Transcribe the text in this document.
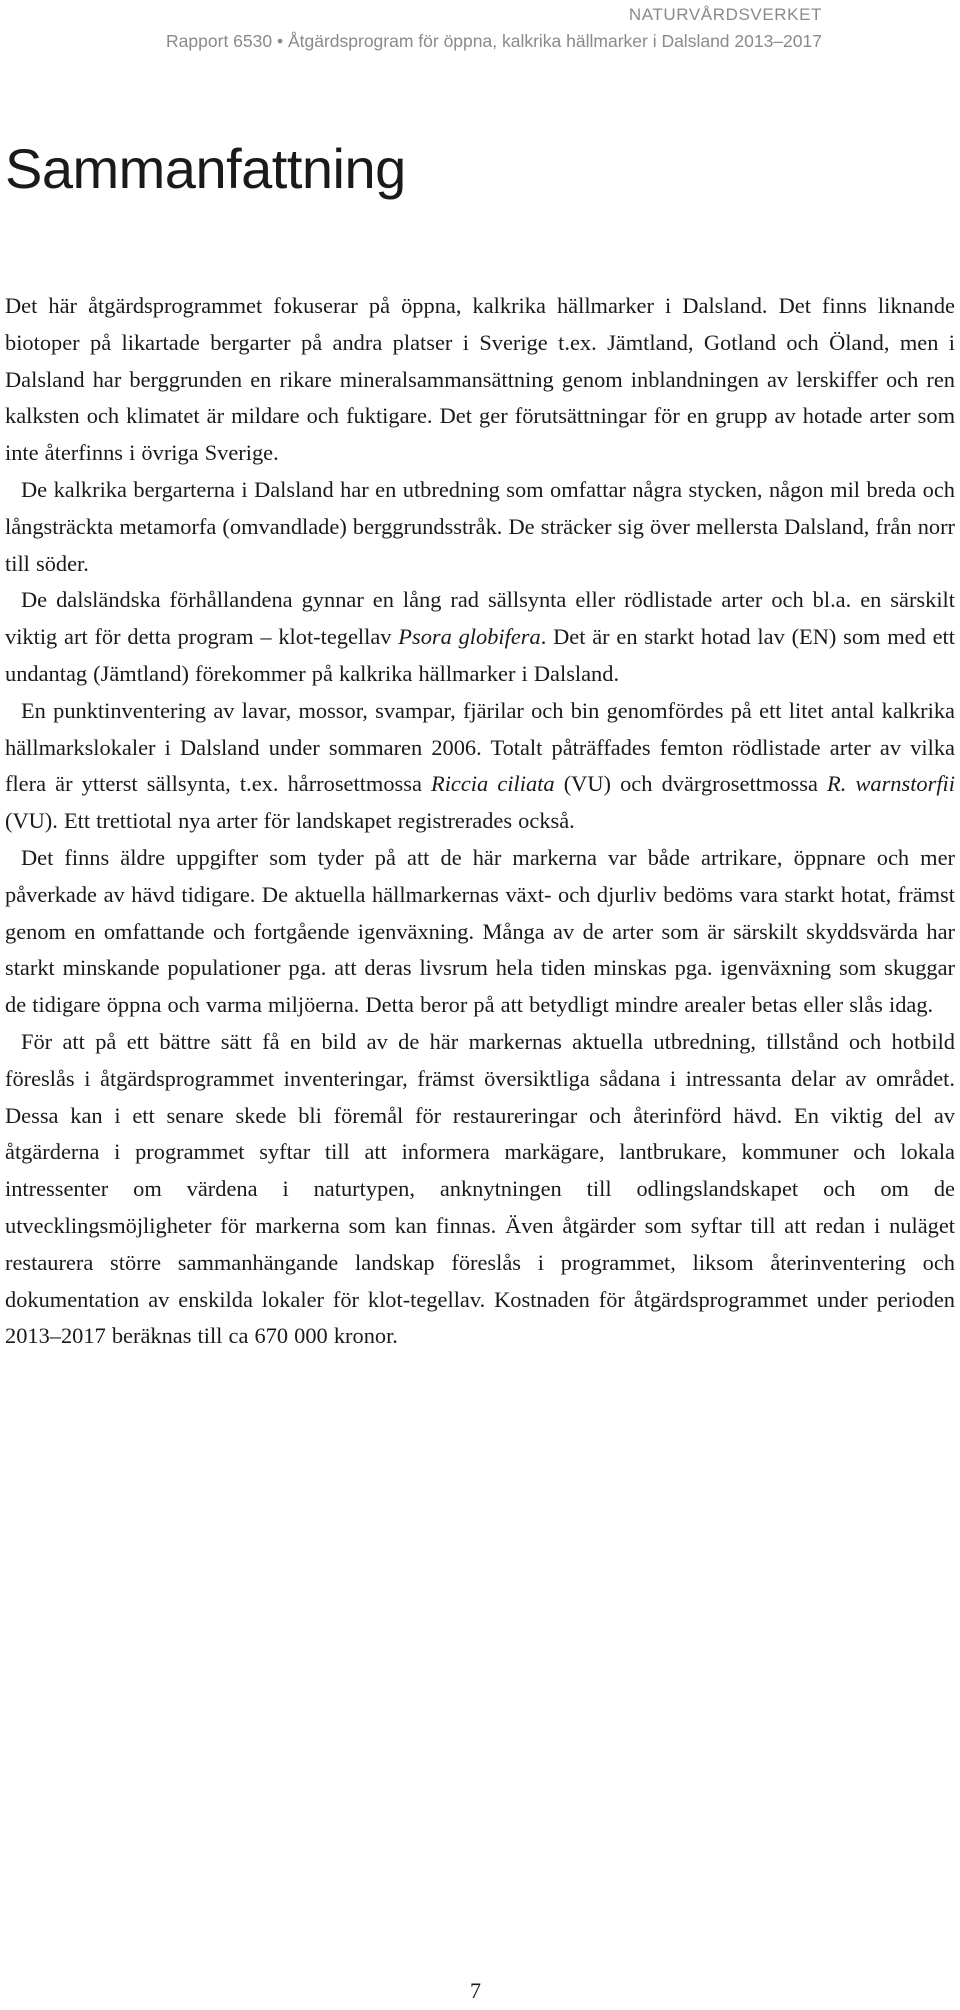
NATURVÅRDSVERKET
Rapport 6530 • Åtgärdsprogram för öppna, kalkrika hällmarker i Dalsland 2013–2017
Sammanfattning

Det här åtgärdsprogrammet fokuserar på öppna, kalkrika hällmarker i Dalsland. Det finns liknande biotoper på likartade bergarter på andra platser i Sverige t.ex. Jämtland, Gotland och Öland, men i Dalsland har berggrunden en rikare mineralsammansättning genom inblandningen av lerskiffer och ren kalksten och klimatet är mildare och fuktigare. Det ger förutsättningar för en grupp av hotade arter som inte återfinns i övriga Sverige.

De kalkrika bergarterna i Dalsland har en utbredning som omfattar några stycken, någon mil breda och långsträckta metamorfa (omvandlade) berggrundsstråk. De sträcker sig över mellersta Dalsland, från norr till söder.

De dalsländska förhållandena gynnar en lång rad sällsynta eller rödlistade arter och bl.a. en särskilt viktig art för detta program – klot-tegellav Psora globifera. Det är en starkt hotad lav (EN) som med ett undantag (Jämtland) förekommer på kalkrika hällmarker i Dalsland.

En punktinventering av lavar, mossor, svampar, fjärilar och bin genomfördes på ett litet antal kalkrika hällmarkslokaler i Dalsland under sommaren 2006. Totalt påträffades femton rödlistade arter av vilka flera är ytterst sällsynta, t.ex. hårrosettmossa Riccia ciliata (VU) och dvärgrosettmossa R. warnstorfii (VU). Ett trettiotal nya arter för landskapet registrerades också.

Det finns äldre uppgifter som tyder på att de här markerna var både artrikare, öppnare och mer påverkade av hävd tidigare. De aktuella hällmarkernas växt- och djurliv bedöms vara starkt hotat, främst genom en omfattande och fortgående igenväxning. Många av de arter som är särskilt skyddsvärda har starkt minskande populationer pga. att deras livsrum hela tiden minskas pga. igenväxning som skuggar de tidigare öppna och varma miljöerna. Detta beror på att betydligt mindre arealer betas eller slås idag.

För att på ett bättre sätt få en bild av de här markernas aktuella utbredning, tillstånd och hotbild föreslås i åtgärdsprogrammet inventeringar, främst översiktliga sådana i intressanta delar av området. Dessa kan i ett senare skede bli föremål för restaureringar och återinförd hävd. En viktig del av åtgärderna i programmet syftar till att informera markägare, lantbrukare, kommuner och lokala intressenter om värdena i naturtypen, anknytningen till odlingslandskapet och om de utvecklingsmöjligheter för markerna som kan finnas. Även åtgärder som syftar till att redan i nuläget restaurera större sammanhängande landskap föreslås i programmet, liksom återinventering och dokumentation av enskilda lokaler för klot-tegellav. Kostnaden för åtgärdsprogrammet under perioden 2013–2017 beräknas till ca 670 000 kronor.

7
